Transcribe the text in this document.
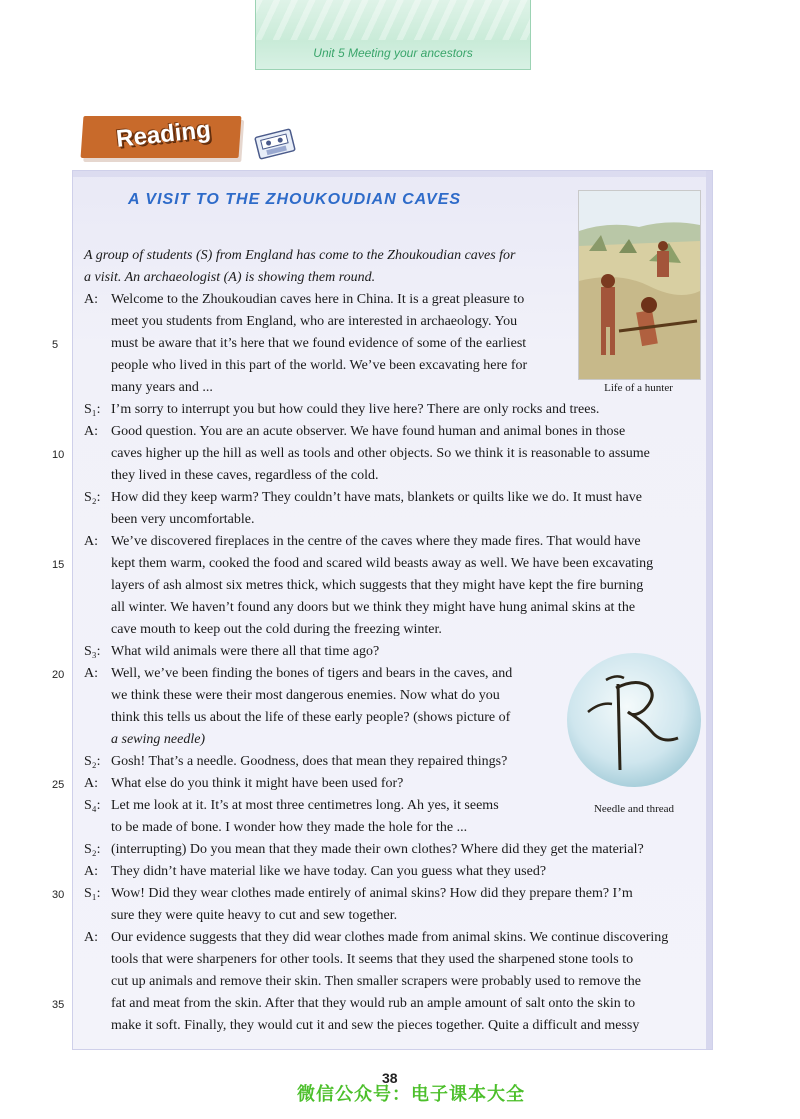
Unit 5 Meeting your ancestors
Reading
A VISIT TO THE ZHOUKOUDIAN CAVES
Life of a hunter
Needle and thread
A group of students (S) from England has come to the Zhoukoudian caves for
a visit. An archaeologist (A) is showing them round.
A:
S₁:
A:
S₂:
A:
S₃:
A:
S₂:
A:
S₄:
S₂:
A:
S₁:
A:
Welcome to the Zhoukoudian caves here in China. It is a great pleasure to
meet you students from England, who are interested in archaeology. You
must be aware that it’s here that we found evidence of some of the earliest
people who lived in this part of the world. We’ve been excavating here for
many years and ...
I’m sorry to interrupt you but how could they live here? There are only rocks and trees.
Good question. You are an acute observer. We have found human and animal bones in those
caves higher up the hill as well as tools and other objects. So we think it is reasonable to assume
they lived in these caves, regardless of the cold.
How did they keep warm? They couldn’t have mats, blankets or quilts like we do. It must have
been very uncomfortable.
We’ve discovered fireplaces in the centre of the caves where they made fires. That would have
kept them warm, cooked the food and scared wild beasts away as well. We have been excavating
layers of ash almost six metres thick, which suggests that they might have kept the fire burning
all winter. We haven’t found any doors but we think they might have hung animal skins at the
cave mouth to keep out the cold during the freezing winter.
What wild animals were there all that time ago?
Well, we’ve been finding the bones of tigers and bears in the caves, and
we think these were their most dangerous enemies. Now what do you
think this tells us about the life of these early people? (shows picture of
a sewing needle)
Gosh! That’s a needle. Goodness, does that mean they repaired things?
What else do you think it might have been used for?
Let me look at it. It’s at most three centimetres long. Ah yes, it seems
to be made of bone. I wonder how they made the hole for the ...
(interrupting) Do you mean that they made their own clothes? Where did they get the material?
They didn’t have material like we have today. Can you guess what they used?
Wow! Did they wear clothes made entirely of animal skins? How did they prepare them? I’m
sure they were quite heavy to cut and sew together.
Our evidence suggests that they did wear clothes made from animal skins. We continue discovering
tools that were sharpeners for other tools. It seems that they used the sharpened stone tools to
cut up animals and remove their skin. Then smaller scrapers were probably used to remove the
fat and meat from the skin. After that they would rub an ample amount of salt onto the skin to
make it soft. Finally, they would cut it and sew the pieces together. Quite a difficult and messy
5
10
15
20
25
30
35
38
微信公众号：电子课本大全
